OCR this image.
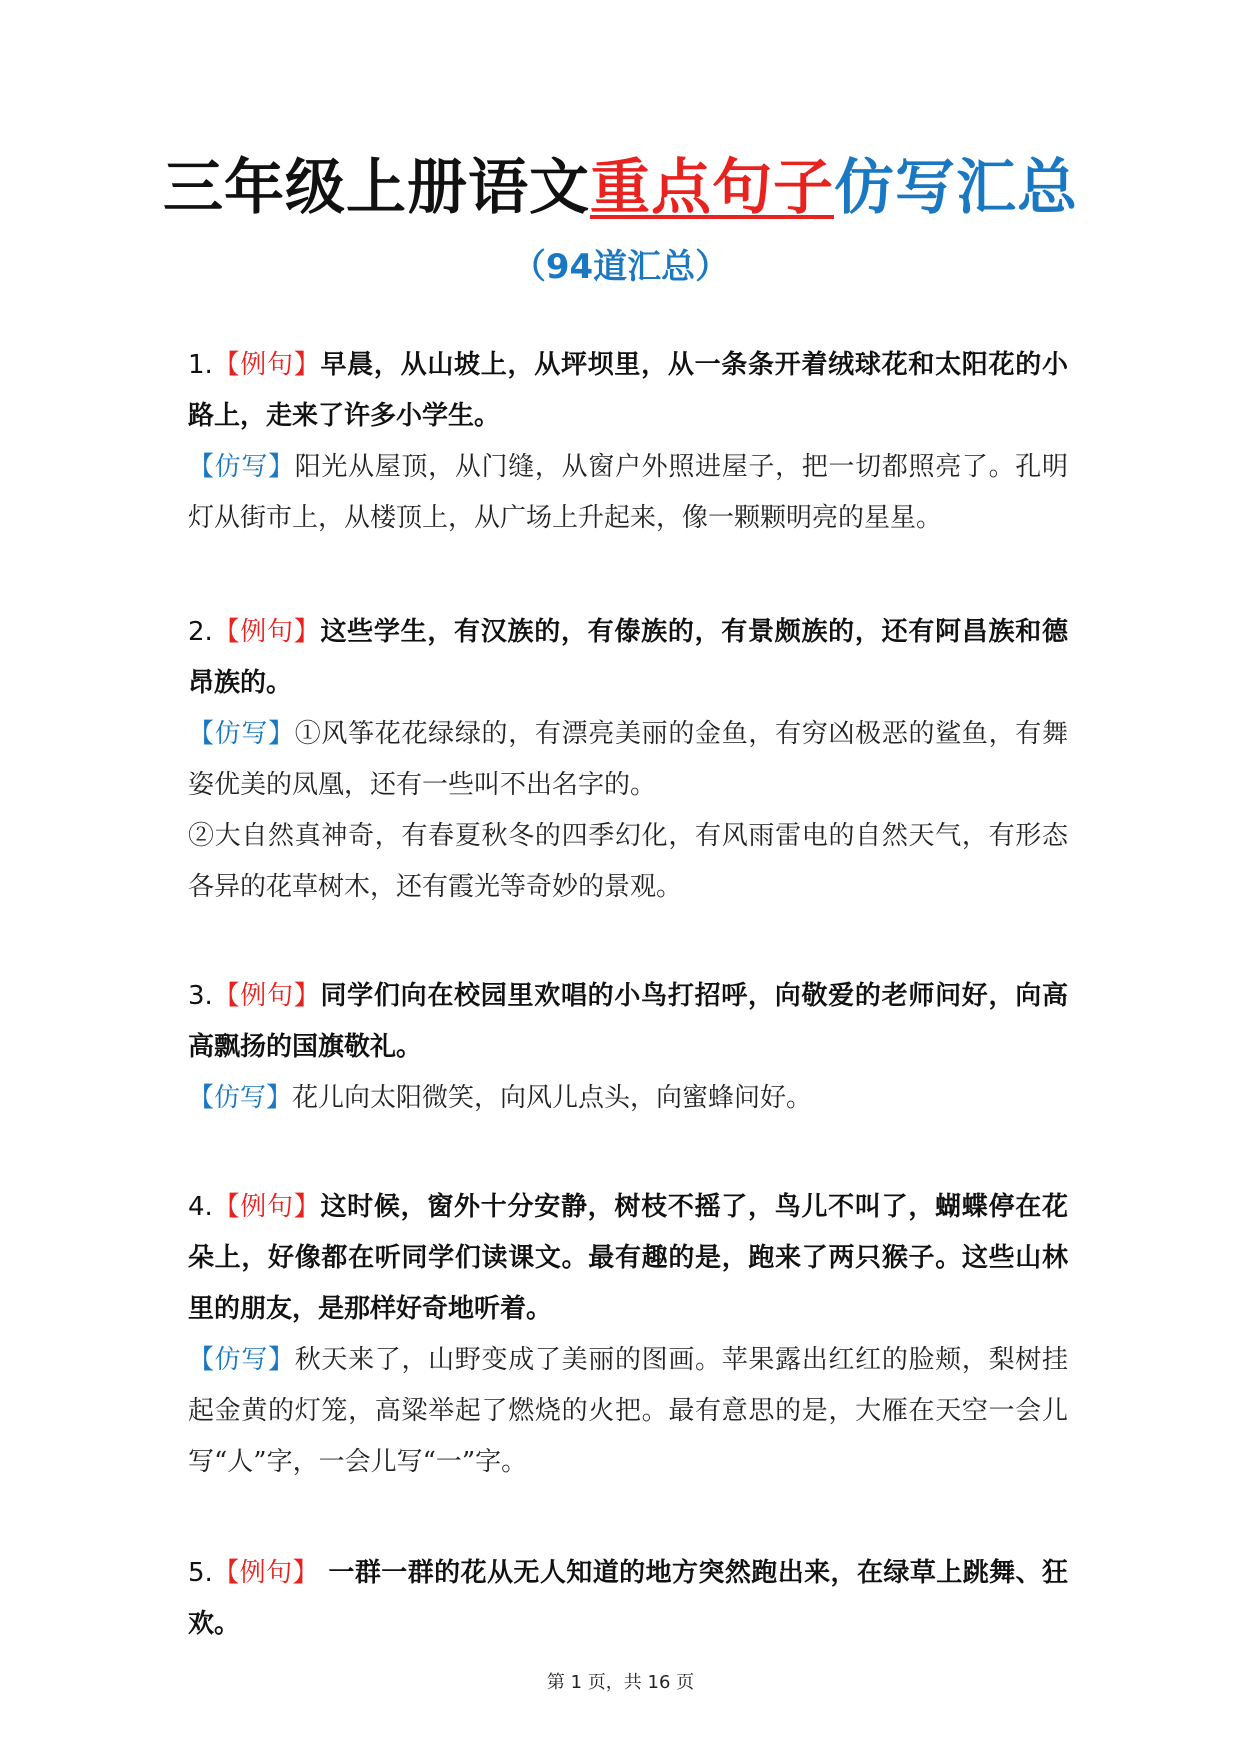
三年级上册语文重点句子仿写汇总
（94道汇总）
1.【例句】早晨，从山坡上，从坪坝里，从一条条开着绒球花和太阳花的小路上，走来了许多小学生。
【仿写】阳光从屋顶，从门缝，从窗户外照进屋子，把一切都照亮了。孔明灯从街市上，从楼顶上，从广场上升起来，像一颗颗明亮的星星。
2.【例句】这些学生，有汉族的，有傣族的，有景颇族的，还有阿昌族和德昂族的。
【仿写】①风筝花花绿绿的，有漂亮美丽的金鱼，有穷凶极恶的鲨鱼，有舞姿优美的凤凰，还有一些叫不出名字的。
②大自然真神奇，有春夏秋冬的四季幻化，有风雨雷电的自然天气，有形态各异的花草树木，还有霞光等奇妙的景观。
3.【例句】同学们向在校园里欢唱的小鸟打招呼，向敬爱的老师问好，向高高飘扬的国旗敬礼。
【仿写】花儿向太阳微笑，向风儿点头，向蜜蜂问好。
4.【例句】这时候，窗外十分安静，树枝不摇了，鸟儿不叫了，蝴蝶停在花朵上，好像都在听同学们读课文。最有趣的是，跑来了两只猴子。这些山林里的朋友，是那样好奇地听着。
【仿写】秋天来了，山野变成了美丽的图画。苹果露出红红的脸颊，梨树挂起金黄的灯笼，高粱举起了燃烧的火把。最有意思的是，大雁在天空一会儿写“人”字，一会儿写“一”字。
5.【例句】 一群一群的花从无人知道的地方突然跑出来，在绿草上跳舞、狂欢。
第 1 页，共 16 页
